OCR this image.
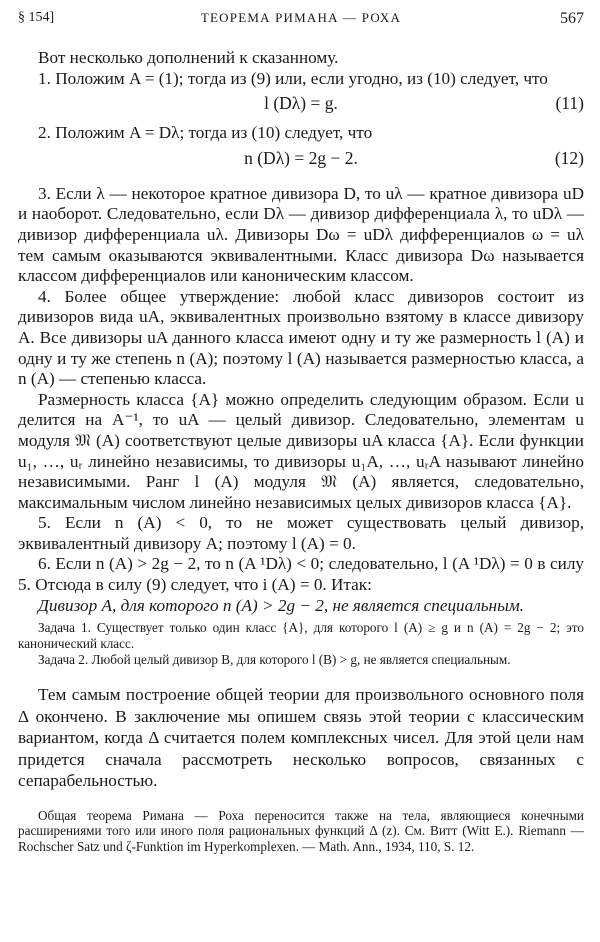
§ 154]	ТЕОРЕМА РИМАНА — РОХА	567

Вот несколько дополнений к сказанному.

1. Положим A = (1); тогда из (9) или, если угодно, из (10) следует, что

l (Dλ) = g.	(11)

2. Положим A = Dλ; тогда из (10) следует, что

n (Dλ) = 2g − 2.	(12)

3. Если λ — некоторое кратное дивизора D, то uλ — кратное дивизора uD и наоборот. Следовательно, если Dλ — дивизор дифференциала λ, то uDλ — дивизор дифференциала uλ. Дивизоры Dω = uDλ дифференциалов ω = uλ тем самым оказываются эквивалентными. Класс дивизора Dω называется классом дифференциалов или каноническим классом.

4. Более общее утверждение: любой класс дивизоров состоит из дивизоров вида uA, эквивалентных произвольно взятому в классе дивизору A. Все дивизоры uA данного класса имеют одну и ту же размерность l (A) и одну и ту же степень n (A); поэтому l (A) называется размерностью класса, а n (A) — степенью класса.

Размерность класса {A} можно определить следующим образом. Если u делится на A⁻¹, то uA — целый дивизор. Следовательно, элементам u модуля 𝔐 (A) соответствуют целые дивизоры uA класса {A}. Если функции u₁, …, uᵣ линейно независимы, то дивизоры u₁A, …, uᵣA называют линейно независимыми. Ранг l (A) модуля 𝔐 (A) является, следовательно, максимальным числом линейно независимых целых дивизоров класса {A}.

5. Если n (A) < 0, то не может существовать целый дивизор, эквивалентный дивизору A; поэтому l (A) = 0.

6. Если n (A) > 2g − 2, то n (A ¹Dλ) < 0; следовательно, l (A ¹Dλ) = 0 в силу 5. Отсюда в силу (9) следует, что i (A) = 0. Итак:

Дивизор A, для которого n (A) > 2g − 2, не является специальным.

Задача 1. Существует только один класс {A}, для которого l (A) ≥ g и n (A) = 2g − 2; это канонический класс.

Задача 2. Любой целый дивизор B, для которого l (B) > g, не является специальным.

Тем самым построение общей теории для произвольного основного поля Δ окончено. В заключение мы опишем связь этой теории с классическим вариантом, когда Δ считается полем комплексных чисел. Для этой цели нам придется сначала рассмотреть несколько вопросов, связанных с сепарабельностью.

Общая теорема Римана — Роха переносится также на тела, являющиеся конечными расширениями того или иного поля рациональных функций Δ (z). См. Витт (Witt E.). Riemann — Rochscher Satz und ζ-Funktion im Hyperkomplexen. — Math. Ann., 1934, 110, S. 12.
